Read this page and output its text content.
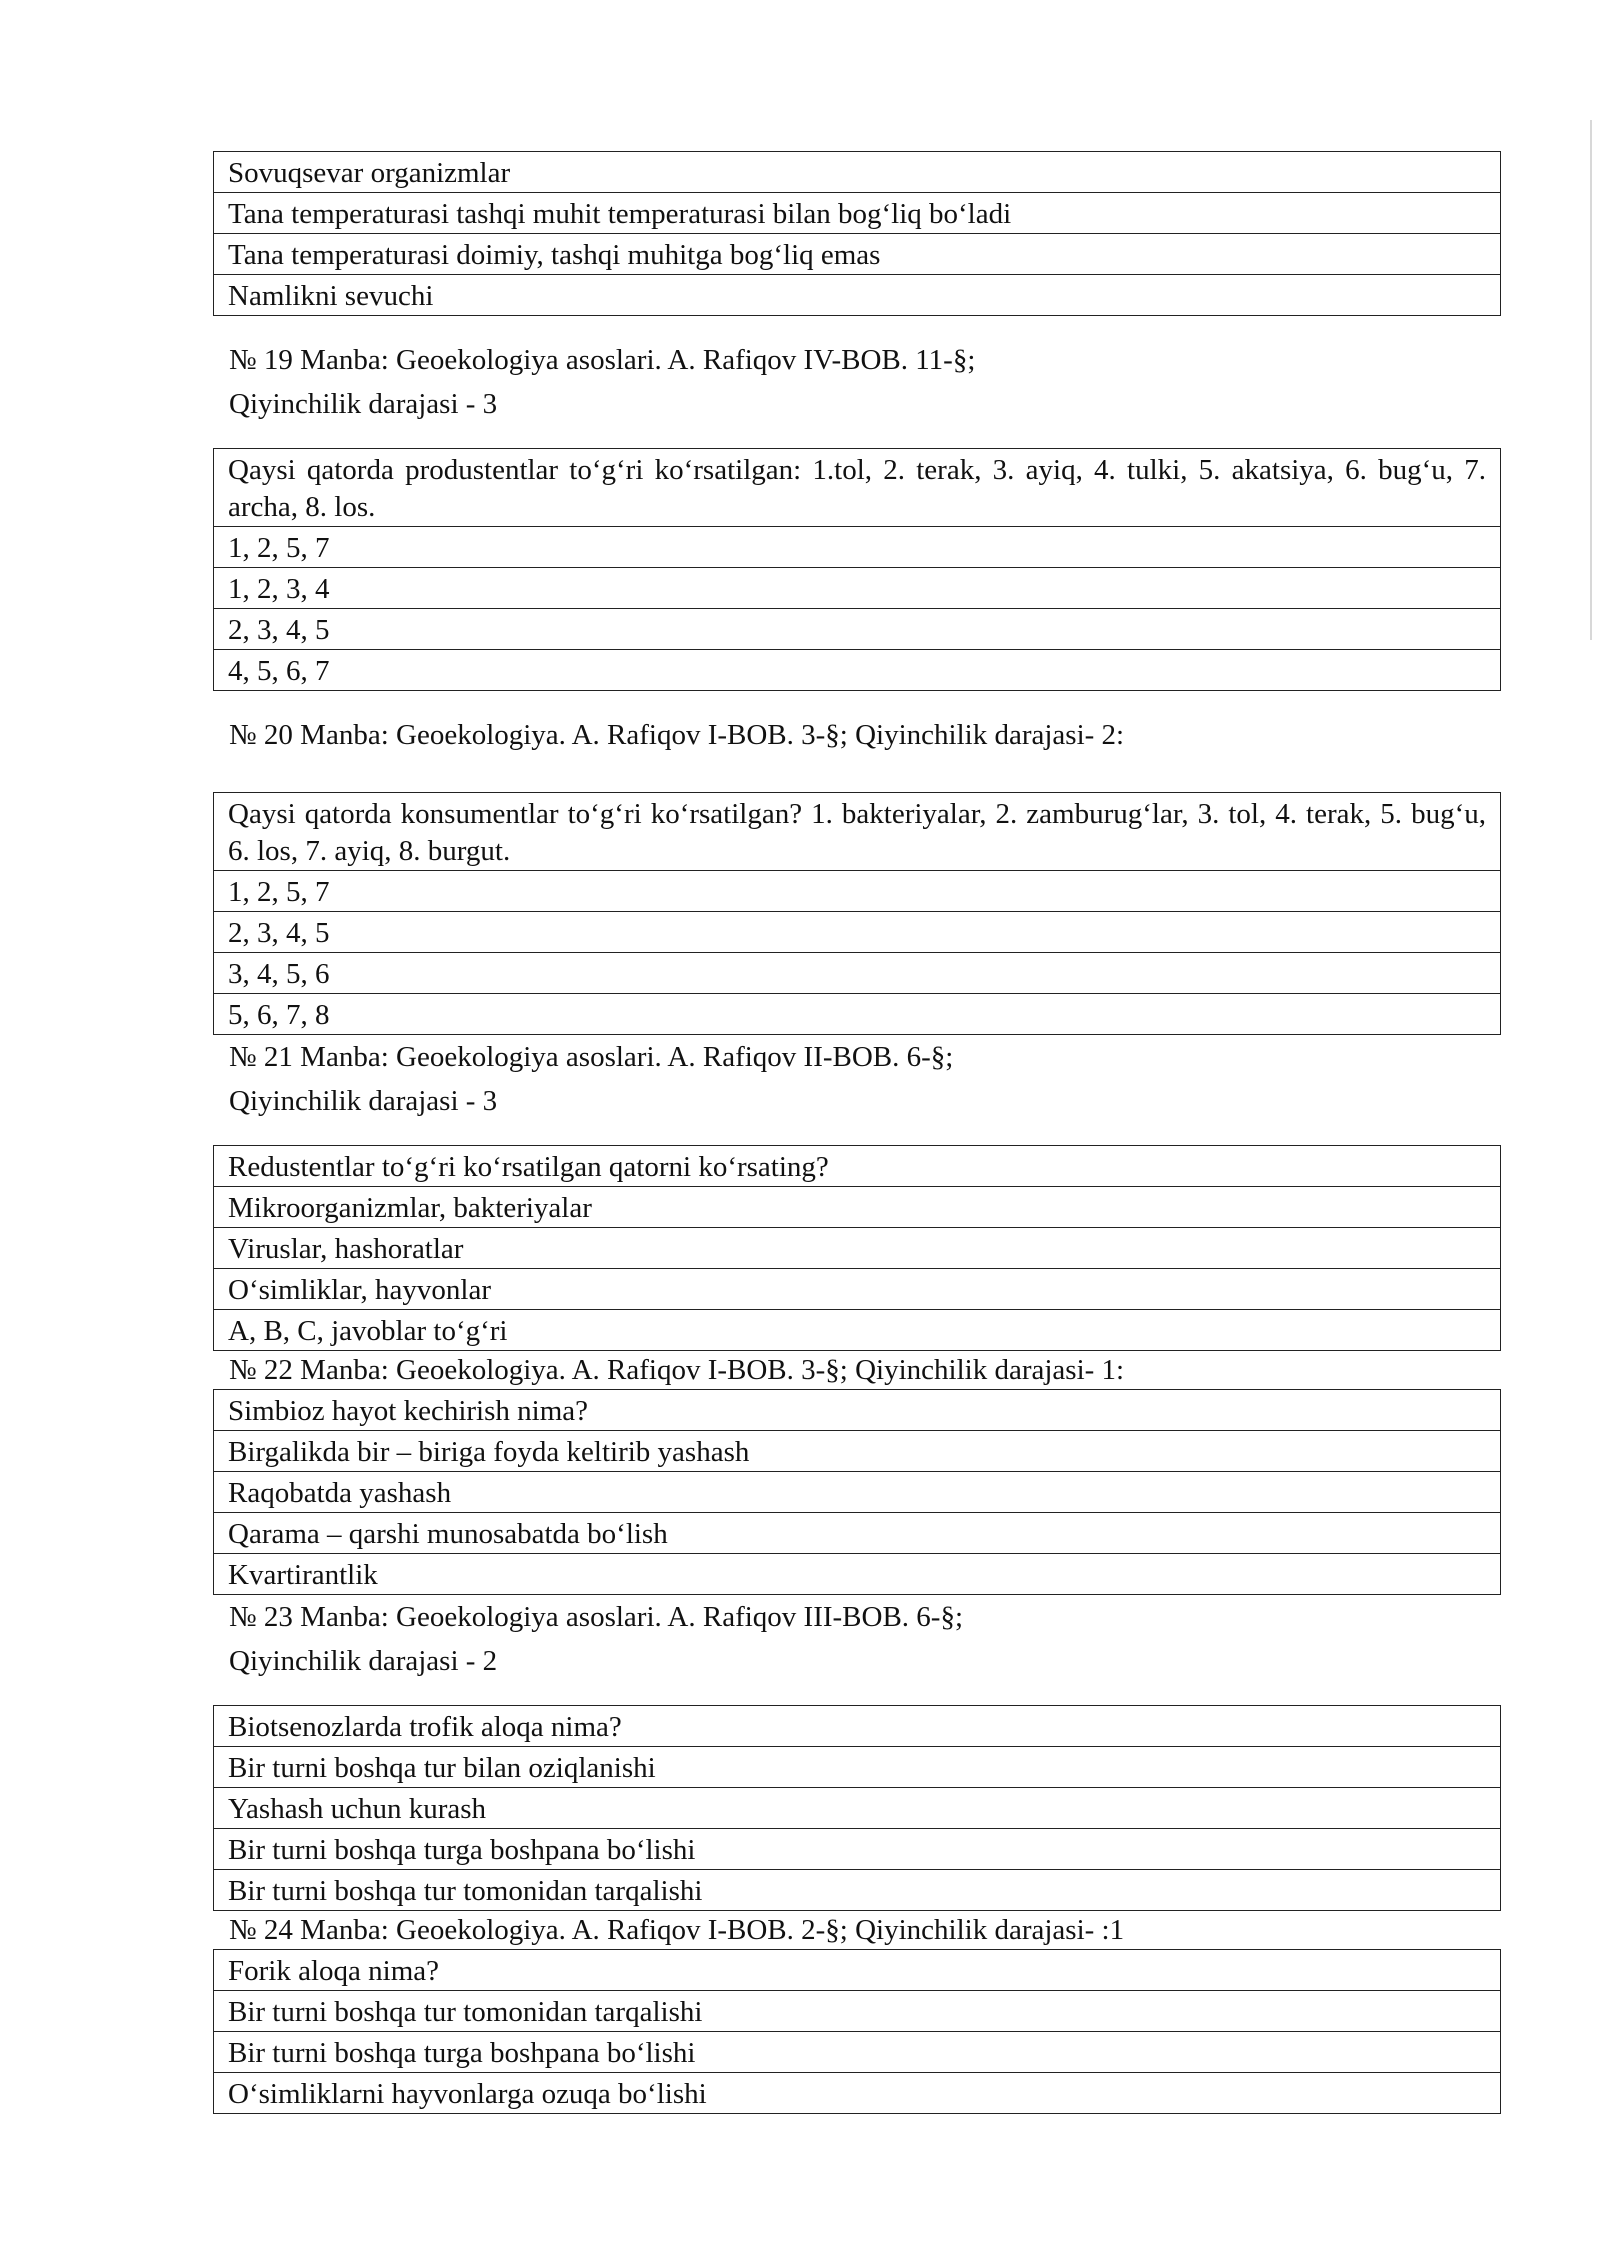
Sovuqsevar organizmlar
Tana temperaturasi tashqi muhit temperaturasi bilan bog‘liq bo‘ladi
Tana temperaturasi doimiy, tashqi muhitga bog‘liq emas
Namlikni sevuchi
№ 19 Manba: Geoekologiya asoslari. A. Rafiqov IV-BOB. 11-§;
Qiyinchilik darajasi - 3
Qaysi qatorda produstentlar to‘g‘ri ko‘rsatilgan: 1.tol, 2. terak, 3. ayiq, 4. tulki, 5. akatsiya, 6. bug‘u, 7. archa, 8. los.
1, 2, 5, 7
1, 2, 3, 4
2, 3, 4, 5
4, 5, 6, 7
№ 20 Manba: Geoekologiya. A. Rafiqov I-BOB. 3-§; Qiyinchilik darajasi- 2:
Qaysi qatorda konsumentlar to‘g‘ri ko‘rsatilgan? 1. bakteriyalar, 2. zamburug‘lar, 3. tol, 4. terak, 5. bug‘u, 6. los, 7. ayiq, 8. burgut.
1, 2, 5, 7
2, 3, 4, 5
3, 4, 5, 6
5, 6, 7, 8
№ 21 Manba: Geoekologiya asoslari. A. Rafiqov II-BOB. 6-§;
Qiyinchilik darajasi - 3
Redustentlar to‘g‘ri ko‘rsatilgan qatorni ko‘rsating?
Mikroorganizmlar, bakteriyalar
Viruslar, hashoratlar
O‘simliklar, hayvonlar
A, B, C, javoblar to‘g‘ri
№ 22 Manba: Geoekologiya. A. Rafiqov I-BOB. 3-§; Qiyinchilik darajasi- 1:
Simbioz hayot kechirish nima?
Birgalikda bir – biriga foyda keltirib yashash
Raqobatda yashash
Qarama – qarshi munosabatda bo‘lish
Kvartirantlik
№ 23 Manba: Geoekologiya asoslari. A. Rafiqov III-BOB. 6-§;
Qiyinchilik darajasi - 2
Biotsenozlarda trofik aloqa nima?
Bir turni boshqa tur bilan oziqlanishi
Yashash uchun kurash
Bir turni boshqa turga boshpana bo‘lishi
Bir turni boshqa tur tomonidan tarqalishi
№ 24 Manba: Geoekologiya. A. Rafiqov I-BOB. 2-§; Qiyinchilik darajasi- :1
Forik aloqa nima?
Bir turni boshqa tur tomonidan tarqalishi
Bir turni boshqa turga boshpana bo‘lishi
O‘simliklarni hayvonlarga ozuqa bo‘lishi
